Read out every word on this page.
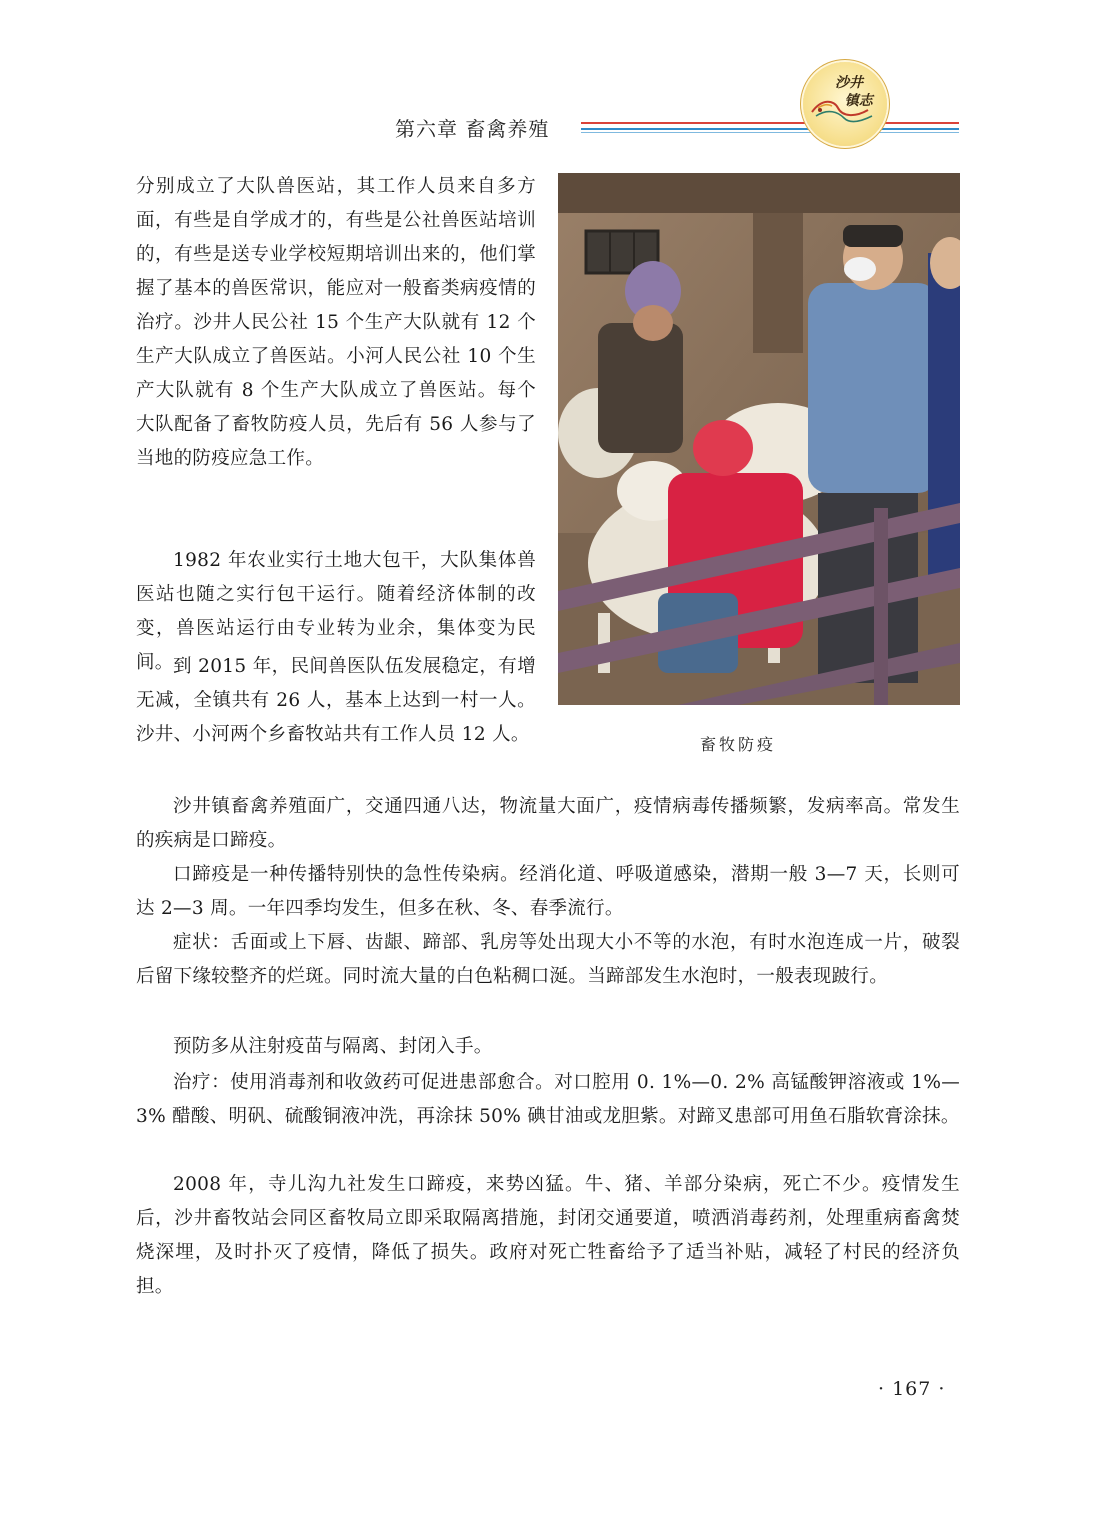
第六章 畜禽养殖
沙井
镇志
畜牧防疫

分别成立了大队兽医站，其工作人员来自多方面，有些是自学成才的，有些是公社兽医站培训的，有些是送专业学校短期培训出来的，他们掌握了基本的兽医常识，能应对一般畜类病疫情的治疗。沙井人民公社 15 个生产大队就有 12 个生产大队成立了兽医站。小河人民公社 10 个生产大队就有 8 个生产大队成立了兽医站。每个大队配备了畜牧防疫人员，先后有 56 人参与了当地的防疫应急工作。

1982 年农业实行土地大包干，大队集体兽医站也随之实行包干运行。随着经济体制的改变，兽医站运行由专业转为业余，集体变为民间。 到 2015 年，民间兽医队伍发展稳定，有增无减，全镇共有 26 人，基本上达到一村一人。沙井、小河两个乡畜牧站共有工作人员 12 人。

沙井镇畜禽养殖面广，交通四通八达，物流量大面广，疫情病毒传播频繁，发病率高。常发生的疾病是口蹄疫。

口蹄疫是一种传播特别快的急性传染病。经消化道、呼吸道感染，潜期一般 3—7 天，长则可达 2—3 周。一年四季均发生，但多在秋、冬、春季流行。

症状：舌面或上下唇、齿龈、蹄部、乳房等处出现大小不等的水泡，有时水泡连成一片，破裂后留下缘较整齐的烂斑。同时流大量的白色粘稠口涎。当蹄部发生水泡时，一般表现跛行。

预防多从注射疫苗与隔离、封闭入手。

治疗：使用消毒剂和收敛药可促进患部愈合。对口腔用 0. 1%—0. 2% 高锰酸钾溶液或 1%—3% 醋酸、明矾、硫酸铜液冲洗，再涂抹 50% 碘甘油或龙胆紫。对蹄叉患部可用鱼石脂软膏涂抹。

2008 年，寺儿沟九社发生口蹄疫，来势凶猛。牛、猪、羊部分染病，死亡不少。疫情发生后，沙井畜牧站会同区畜牧局立即采取隔离措施，封闭交通要道，喷洒消毒药剂，处理重病畜禽焚烧深埋，及时扑灭了疫情，降低了损失。政府对死亡牲畜给予了适当补贴，减轻了村民的经济负担。

· 167 ·
